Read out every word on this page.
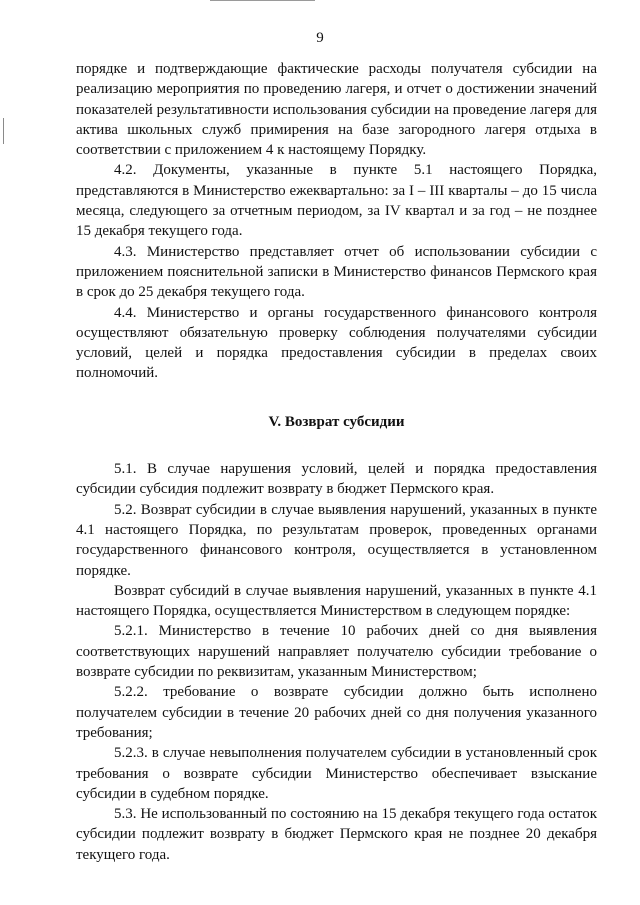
9

порядке и подтверждающие фактические расходы получателя субсидии на реализацию мероприятия по проведению лагеря, и отчет о достижении значений показателей результативности использования субсидии на проведение лагеря для актива школьных служб примирения на базе загородного лагеря отдыха в соответствии с приложением 4 к настоящему Порядку.

4.2. Документы, указанные в пункте 5.1 настоящего Порядка, представляются в Министерство ежеквартально: за I – III кварталы – до 15 числа месяца, следующего за отчетным периодом, за IV квартал и за год – не позднее 15 декабря текущего года.

4.3. Министерство представляет отчет об использовании субсидии с приложением пояснительной записки в Министерство финансов Пермского края в срок до 25 декабря текущего года.

4.4. Министерство и органы государственного финансового контроля осуществляют обязательную проверку соблюдения получателями субсидии условий, целей и порядка предоставления субсидии в пределах своих полномочий.

V. Возврат субсидии

5.1. В случае нарушения условий, целей и порядка предоставления субсидии субсидия подлежит возврату в бюджет Пермского края.

5.2. Возврат субсидии в случае выявления нарушений, указанных в пункте 4.1 настоящего Порядка, по результатам проверок, проведенных органами государственного финансового контроля, осуществляется в установленном порядке.

Возврат субсидий в случае выявления нарушений, указанных в пункте 4.1 настоящего Порядка, осуществляется Министерством в следующем порядке:

5.2.1. Министерство в течение 10 рабочих дней со дня выявления соответствующих нарушений направляет получателю субсидии требование о возврате субсидии по реквизитам, указанным Министерством;

5.2.2. требование о возврате субсидии должно быть исполнено получателем субсидии в течение 20 рабочих дней со дня получения указанного требования;

5.2.3. в случае невыполнения получателем субсидии в установленный срок требования о возврате субсидии Министерство обеспечивает взыскание субсидии в судебном порядке.

5.3. Не использованный по состоянию на 15 декабря текущего года остаток субсидии подлежит возврату в бюджет Пермского края не позднее 20 декабря текущего года.
